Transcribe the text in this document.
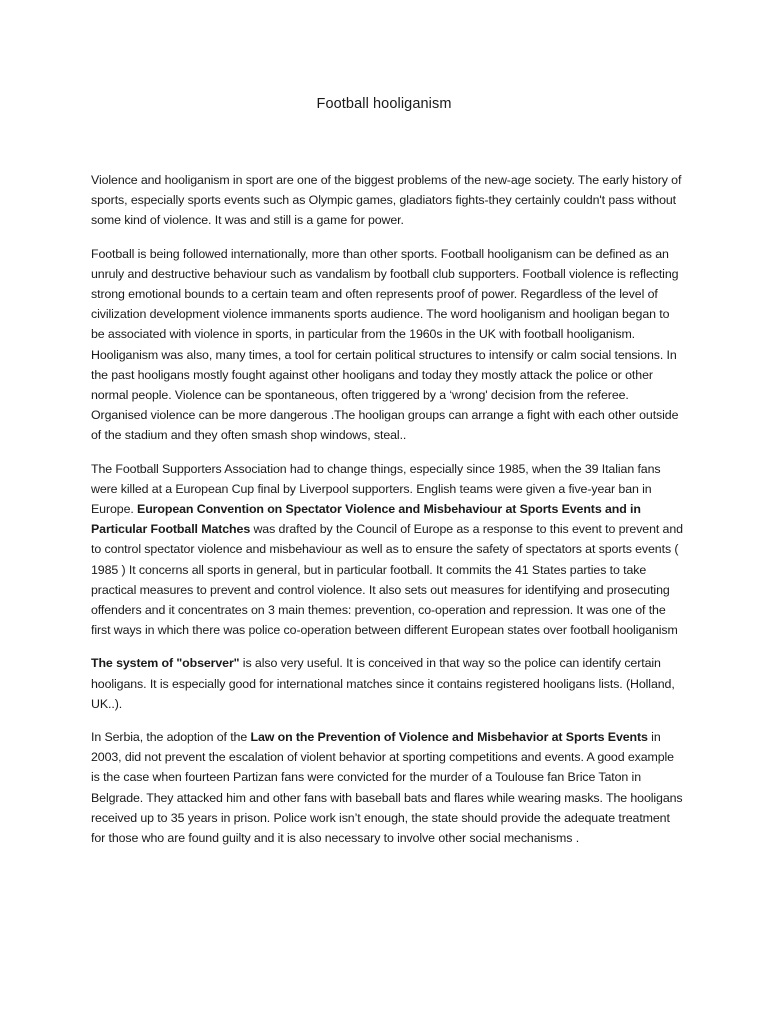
Football hooliganism

Violence and hooliganism in sport are one of the biggest problems of the new-age society. The early history of sports, especially sports events such as Olympic games, gladiators fights-they certainly couldn't pass without some kind of violence. It was and still is a game for power.

Football is being followed internationally, more than other sports. Football hooliganism can be defined as an unruly and destructive behaviour such as vandalism by football club supporters. Football violence is reflecting strong emotional bounds to a certain team and often represents proof of power. Regardless of the level of civilization development violence immanents sports audience. The word hooliganism and hooligan began to be associated with violence in sports, in particular from the 1960s in the UK with football hooliganism. Hooliganism was also, many times, a tool for certain political structures to intensify or calm social tensions. In the past hooligans mostly fought against other hooligans and today they mostly attack the police or other normal people. Violence can be spontaneous, often triggered by a ‘wrong' decision from the referee. Organised violence can be more dangerous .The hooligan groups can arrange a fight with each other outside of the stadium and they often smash shop windows, steal..

The Football Supporters Association had to change things, especially since 1985, when the 39 Italian fans were killed at a European Cup final by Liverpool supporters. English teams were given a five-year ban in Europe. European Convention on Spectator Violence and Misbehaviour at Sports Events and in Particular Football Matches was drafted by the Council of Europe as a response to this event to prevent and to control spectator violence and misbehaviour as well as to ensure the safety of spectators at sports events ( 1985 ) It concerns all sports in general, but in particular football. It commits the 41 States parties to take practical measures to prevent and control violence. It also sets out measures for identifying and prosecuting offenders and it concentrates on 3 main themes: prevention, co-operation and repression. It was one of the first ways in which there was police co-operation between different European states over football hooliganism

The system of "observer" is also very useful. It is conceived in that way so the police can identify certain hooligans. It is especially good for international matches since it contains registered hooligans lists. (Holland, UK..).

In Serbia, the adoption of the Law on the Prevention of Violence and Misbehavior at Sports Events in 2003, did not prevent the escalation of violent behavior at sporting competitions and events. A good example is the case when fourteen Partizan fans were convicted for the murder of a Toulouse fan Brice Taton in Belgrade. They attacked him and other fans with baseball bats and flares while wearing masks. The hooligans received up to 35 years in prison. Police work isn’t enough, the state should provide the adequate treatment for those who are found guilty and it is also necessary to involve other social mechanisms .
